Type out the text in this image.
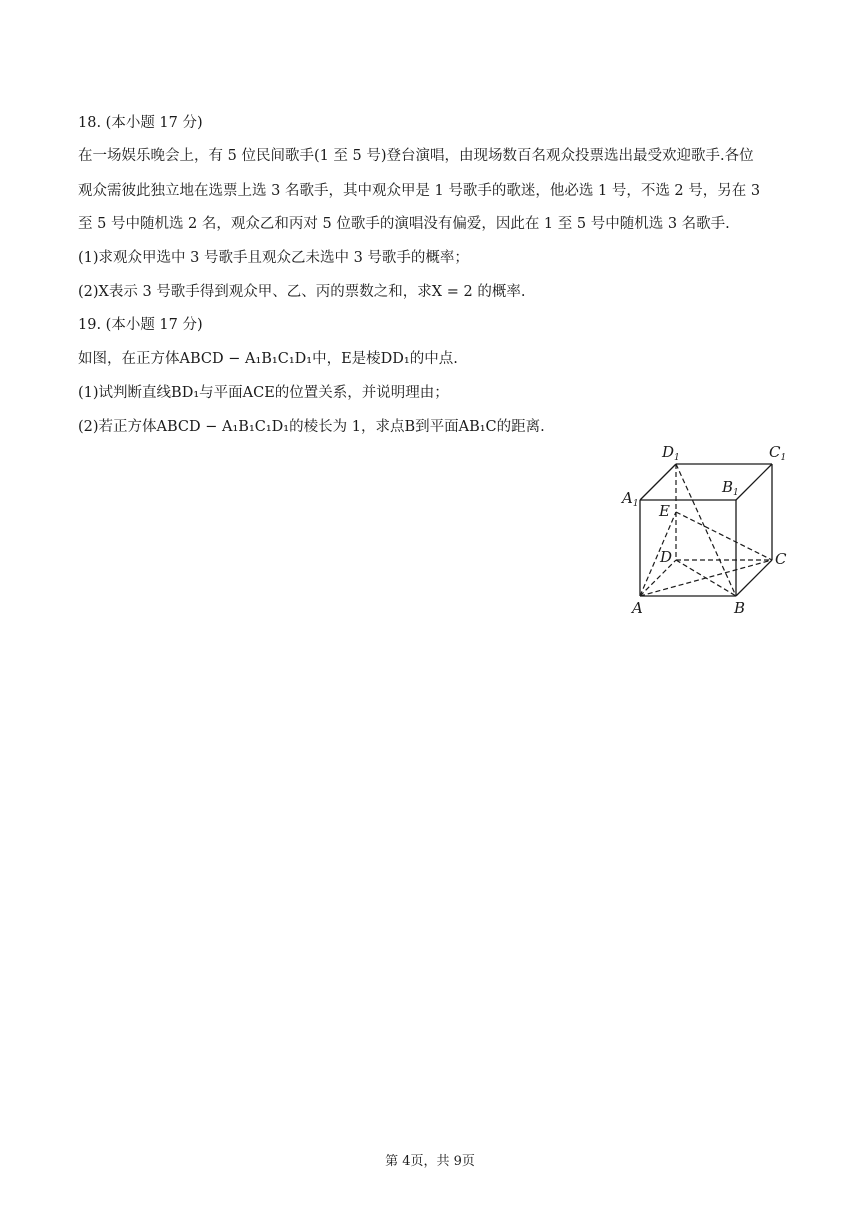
18. (本小题 17 分)
在一场娱乐晚会上，有 5 位民间歌手(1 至 5 号)登台演唱，由现场数百名观众投票选出最受欢迎歌手.各位
观众需彼此独立地在选票上选 3 名歌手，其中观众甲是 1 号歌手的歌迷，他必选 1 号，不选 2 号，另在 3
至 5 号中随机选 2 名，观众乙和丙对 5 位歌手的演唱没有偏爱，因此在 1 至 5 号中随机选 3 名歌手.
(1)求观众甲选中 3 号歌手且观众乙未选中 3 号歌手的概率；
(2)X表示 3 号歌手得到观众甲、乙、丙的票数之和，求X = 2 的概率.
19. (本小题 17 分)
如图，在正方体ABCD − A₁B₁C₁D₁中，E是棱DD₁的中点.
(1)试判断直线BD₁与平面ACE的位置关系，并说明理由；
(2)若正方体ABCD − A₁B₁C₁D₁的棱长为 1，求点B到平面AB₁C的距离.
$D_1$	$C_1$
$B_1$
$A_1$ E
D	C
A	B
第 4页，共 9页
